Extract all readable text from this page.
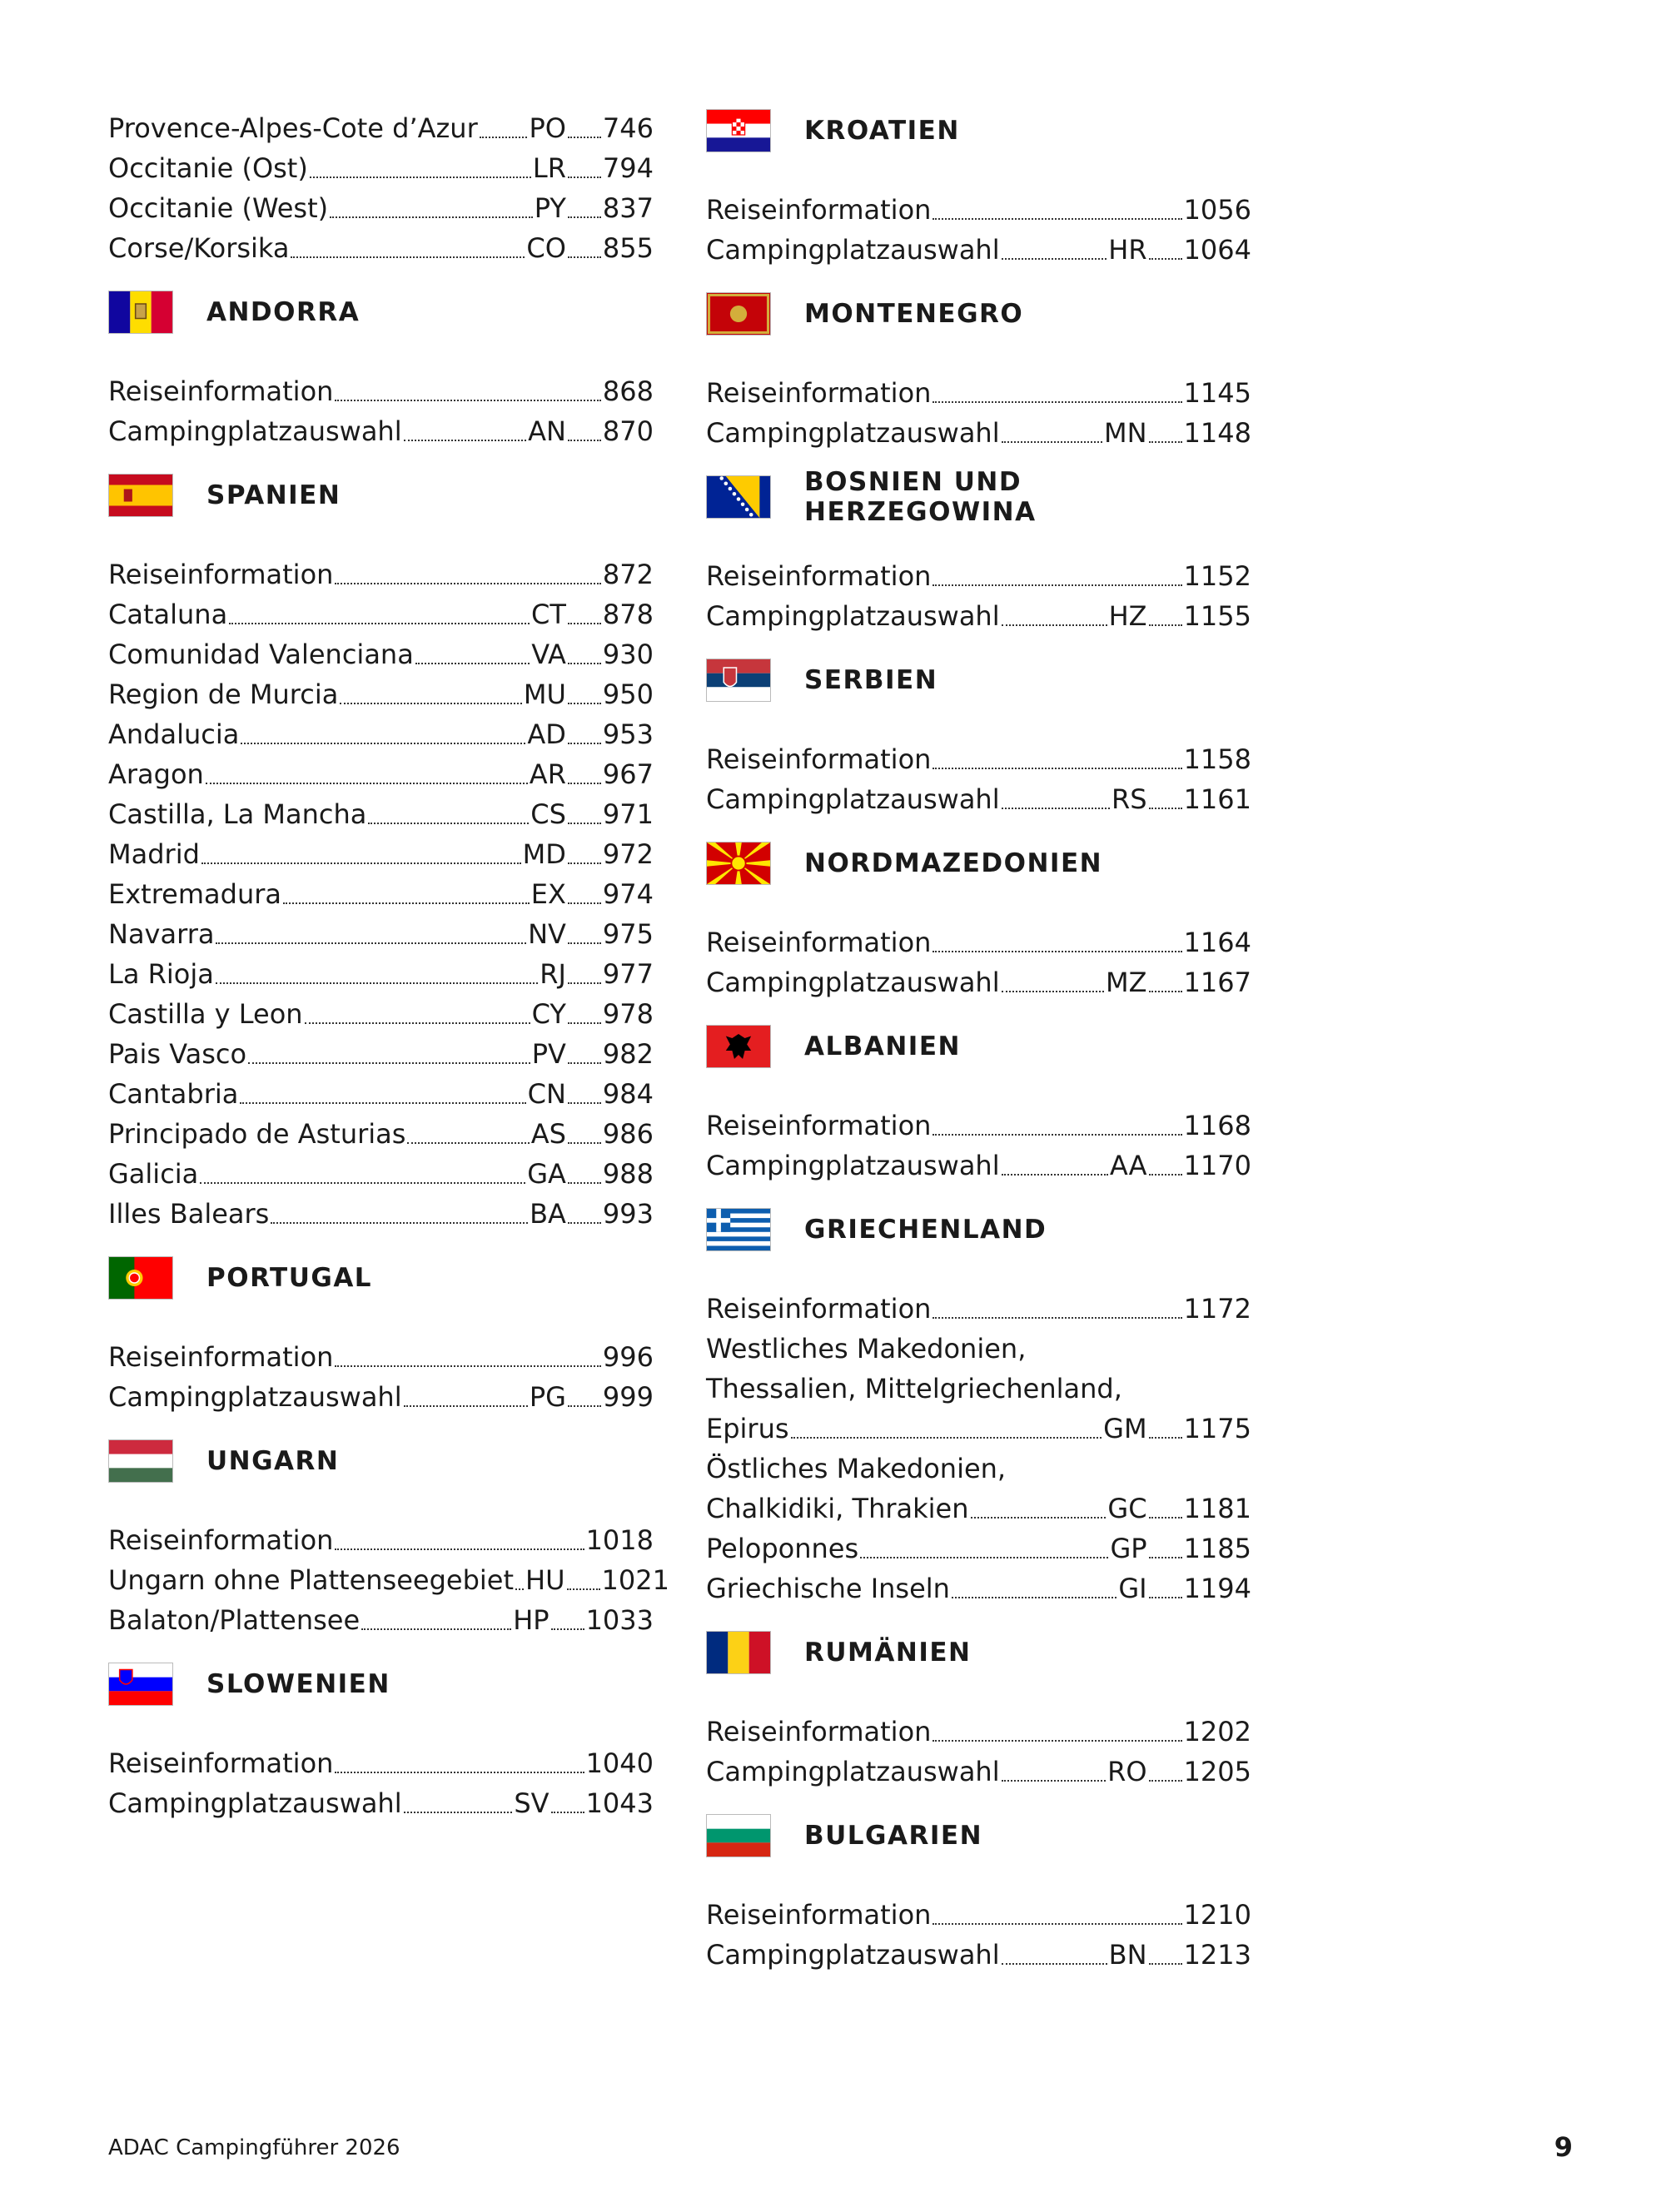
Provence-Alpes-Cote d’Azur PO 746
Occitanie (Ost)	LR 794
Occitanie (West)	PY 837
Corse/Korsika	CO 855
ANDORRA
Reiseinformation	868
Campingplatzauswahl	AN 870
SPANIEN
Reiseinformation	872
Cataluna	CT 878
Comunidad Valenciana	VA 930
Region de Murcia	MU 950
Andalucia	AD 953
Aragon	AR 967
Castilla, La Mancha	CS 971
Madrid	MD 972
Extremadura	EX 974
Navarra	NV 975
La Rioja	RJ 977
Castilla y Leon	CY 978
Pais Vasco	PV 982
Cantabria	CN 984
Principado de Asturias	AS 986
Galicia	GA 988
Illes Balears	BA 993
PORTUGAL
Reiseinformation	996
Campingplatzauswahl	PG 999
UNGARN
Reiseinformation	1018
Ungarn ohne Plattenseegebiet HU 1021
Balaton/Plattensee	HP 1033
SLOWENIEN
Reiseinformation	1040
Campingplatzauswahl	SV 1043
KROATIEN
Reiseinformation	1056
Campingplatzauswahl	HR 1064
MONTENEGRO
Reiseinformation	1145
Campingplatzauswahl	MN 1148
BOSNIEN UND HERZEGOWINA
Reiseinformation	1152
Campingplatzauswahl	HZ 1155
SERBIEN
Reiseinformation	1158
Campingplatzauswahl	RS 1161
NORDMAZEDONIEN
Reiseinformation	1164
Campingplatzauswahl	MZ 1167
ALBANIEN
Reiseinformation	1168
Campingplatzauswahl	AA 1170
GRIECHENLAND
Reiseinformation	1172
Westliches Makedonien,
Thessalien, Mittelgriechenland,
Epirus	GM 1175
Östliches Makedonien,
Chalkidiki, Thrakien	GC 1181
Peloponnes	GP 1185
Griechische Inseln	GI 1194
RUMÄNIEN
Reiseinformation	1202
Campingplatzauswahl	RO 1205
BULGARIEN
Reiseinformation	1210
Campingplatzauswahl	BN 1213
ADAC Campingführer 2026	9
